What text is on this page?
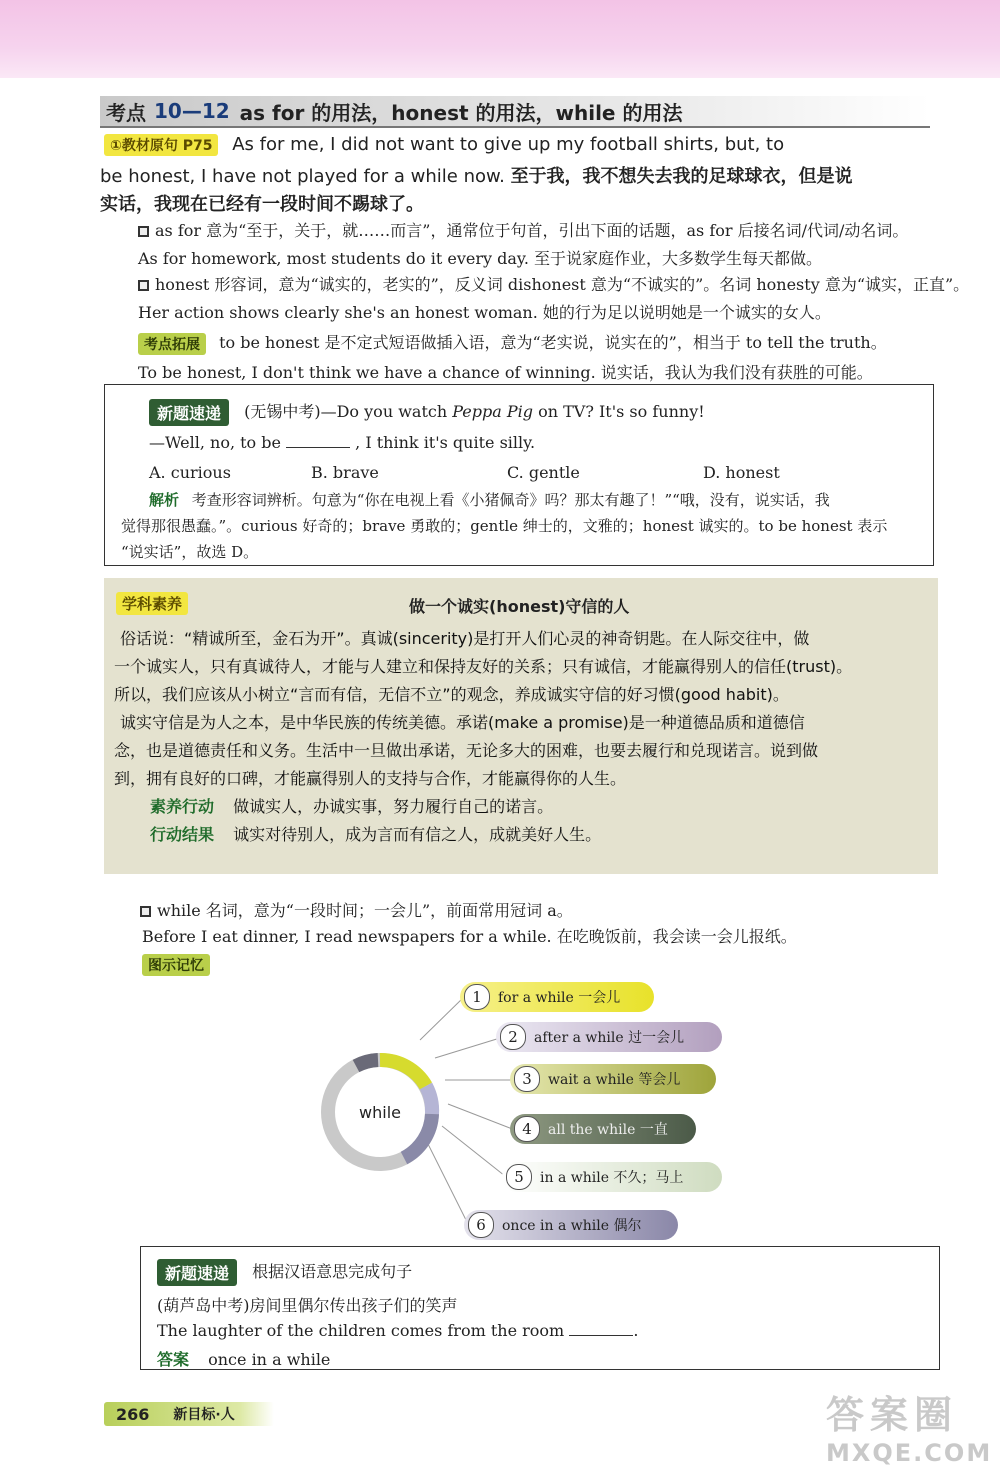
考点 10—12 as for 的用法，honest 的用法，while 的用法
①教材原句 P75 As for me, I did not want to give up my football shirts, but, to
be honest, I have not played for a while now. 至于我，我不想失去我的足球球衣，但是说
实话，我现在已经有一段时间不踢球了。
as for 意为“至于，关于，就……而言”，通常位于句首，引出下面的话题，as for 后接名词/代词/动名词。
As for homework, most students do it every day. 至于说家庭作业，大多数学生每天都做。
honest 形容词，意为“诚实的，老实的”，反义词 dishonest 意为“不诚实的”。名词 honesty 意为“诚实，正直”。
Her action shows clearly she's an honest woman. 她的行为足以说明她是一个诚实的女人。
考点拓展 to be honest 是不定式短语做插入语，意为“老实说，说实在的”，相当于 to tell the truth。
To be honest, I don't think we have a chance of winning. 说实话，我认为我们没有获胜的可能。
新题速递 (无锡中考)—Do you watch Peppa Pig on TV? It's so funny!
—Well, no, to be	, I think it's quite silly.
A. curious	B. brave	C. gentle	D. honest
解析 考查形容词辨析。句意为“你在电视上看《小猪佩奇》吗？那太有趣了！”“哦，没有，说实话，我
觉得那很愚蠢。”。curious 好奇的；brave 勇敢的；gentle 绅士的，文雅的；honest 诚实的。to be honest 表示
“说实话”，故选 D。
学科素养	做一个诚实(honest)守信的人
俗话说：“精诚所至，金石为开”。真诚(sincerity)是打开人们心灵的神奇钥匙。在人际交往中，做
一个诚实人，只有真诚待人，才能与人建立和保持友好的关系；只有诚信，才能赢得别人的信任(trust)。
所以，我们应该从小树立“言而有信，无信不立”的观念，养成诚实守信的好习惯(good habit)。
诚实守信是为人之本，是中华民族的传统美德。承诺(make a promise)是一种道德品质和道德信
念，也是道德责任和义务。生活中一旦做出承诺，无论多大的困难，也要去履行和兑现诺言。说到做
到，拥有良好的口碑，才能赢得别人的支持与合作，才能赢得你的人生。
素养行动 做诚实人，办诚实事，努力履行自己的诺言。
行动结果 诚实对待别人，成为言而有信之人，成就美好人生。
while 名词，意为“一段时间；一会儿”，前面常用冠词 a。
Before I eat dinner, I read newspapers for a while. 在吃晚饭前，我会读一会儿报纸。
图示记忆
while
1	for a while 一会儿
2	after a while 过一会儿
3	wait a while 等会儿
4	all the while 一直
5	in a while 不久；马上
6	once in a while 偶尔
新题速递 根据汉语意思完成句子
(葫芦岛中考)房间里偶尔传出孩子们的笑声
The laughter of the children comes from the room	.
答案 once in a while
266 新目标·人	答案圈
MXQE.COM
